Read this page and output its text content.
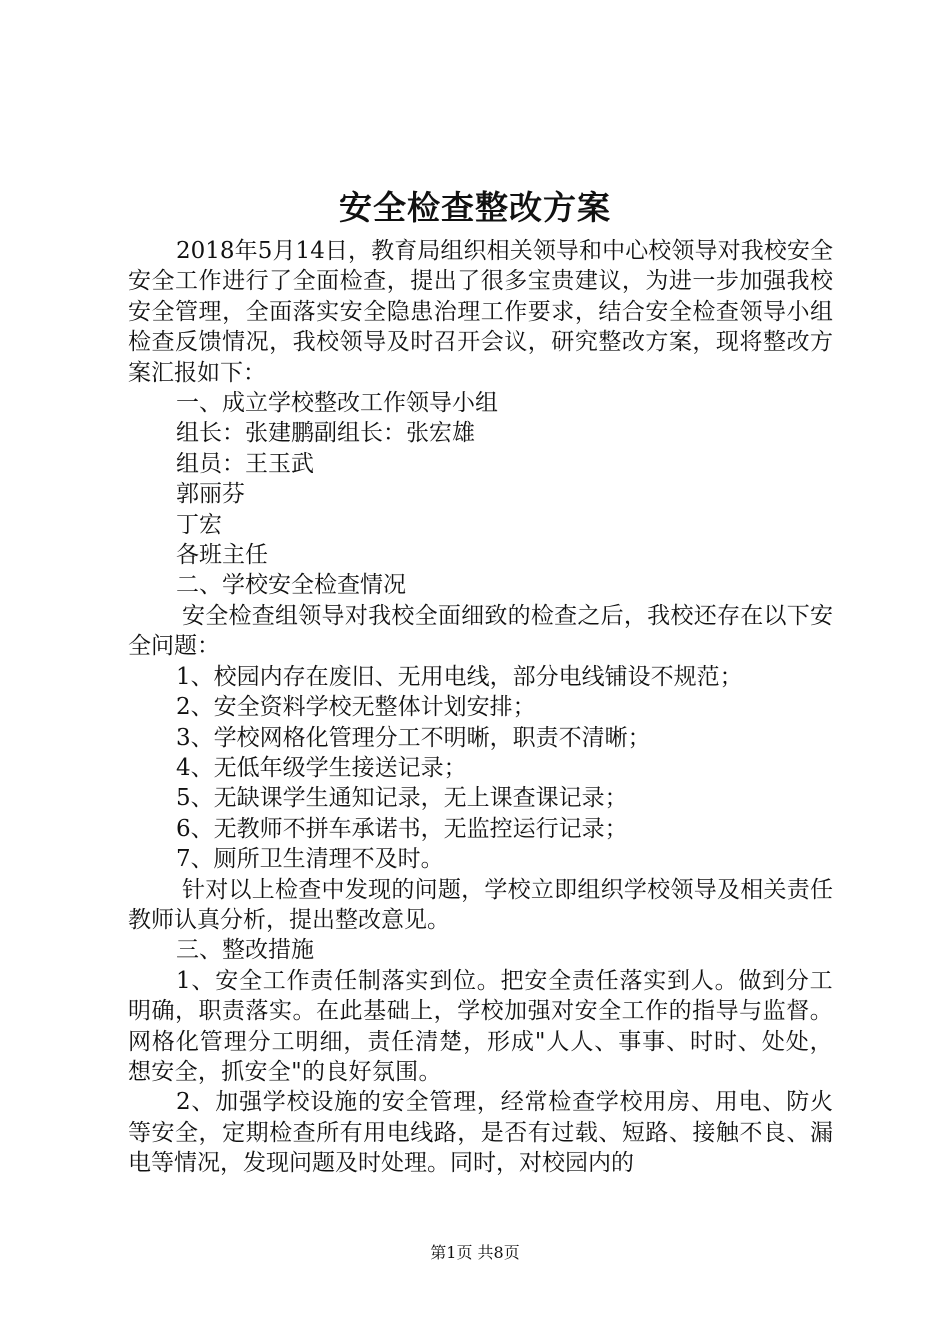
安全检查整改方案

2018年5月14日，教育局组织相关领导和中心校领导对我校安全安全工作进行了全面检查，提出了很多宝贵建议，为进一步加强我校安全管理，全面落实安全隐患治理工作要求，结合安全检查领导小组检查反馈情况，我校领导及时召开会议，研究整改方案，现将整改方案汇报如下：

一、成立学校整改工作领导小组

组长：张建鹏副组长：张宏雄

组员：王玉武

郭丽芬

丁宏

各班主任

二、学校安全检查情况

安全检查组领导对我校全面细致的检查之后，我校还存在以下安全问题：

1、校园内存在废旧、无用电线，部分电线铺设不规范；

2、安全资料学校无整体计划安排；

3、学校网格化管理分工不明晰，职责不清晰；

4、无低年级学生接送记录；

5、无缺课学生通知记录，无上课查课记录；

6、无教师不拼车承诺书，无监控运行记录；

7、厕所卫生清理不及时。

针对以上检查中发现的问题，学校立即组织学校领导及相关责任教师认真分析，提出整改意见。

三、整改措施

1、安全工作责任制落实到位。把安全责任落实到人。做到分工明确，职责落实。在此基础上，学校加强对安全工作的指导与监督。网格化管理分工明细，责任清楚，形成"人人、事事、时时、处处，想安全，抓安全"的良好氛围。

2、加强学校设施的安全管理，经常检查学校用房、用电、防火等安全，定期检查所有用电线路，是否有过载、短路、接触不良、漏电等情况，发现问题及时处理。同时，对校园内的

第1页 共8页
